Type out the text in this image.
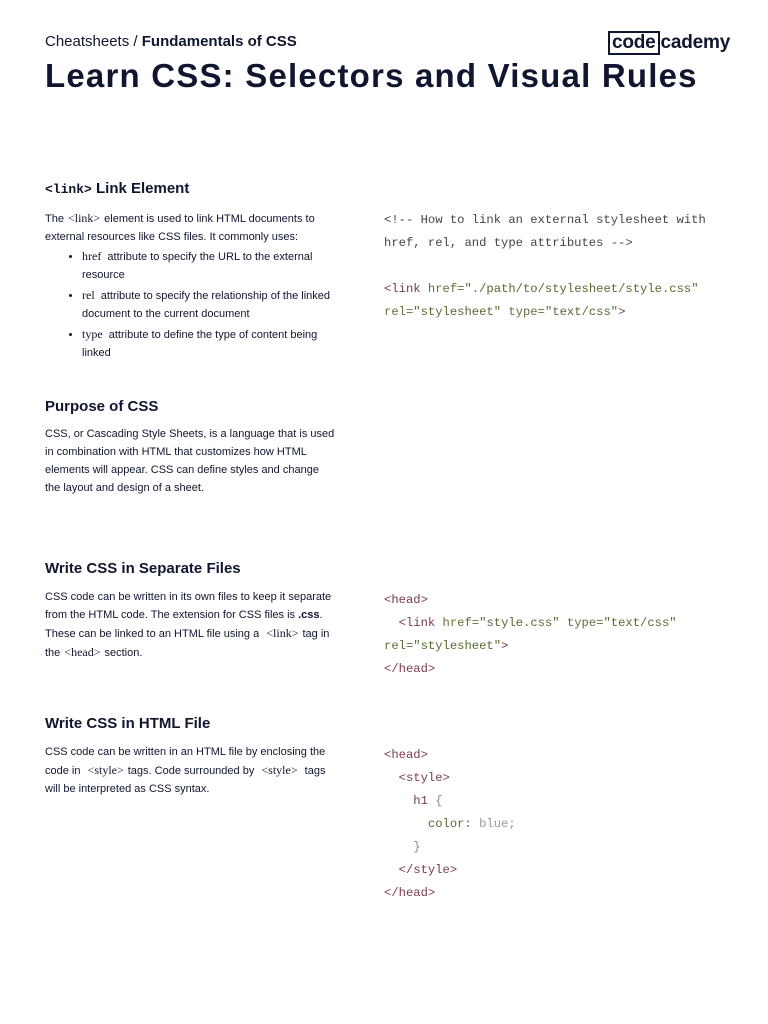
Cheatsheets / Fundamentals of CSS	code cademy
Learn CSS: Selectors and Visual Rules
<link> Link Element
The <link> element is used to link HTML documents to external resources like CSS files. It commonly uses:
• href attribute to specify the URL to the external resource
• rel attribute to specify the relationship of the linked document to the current document
• type attribute to define the type of content being linked
<!-- How to link an external stylesheet with
href, rel, and type attributes -->

<link href="./path/to/stylesheet/style.css"
rel="stylesheet" type="text/css">
Purpose of CSS

CSS, or Cascading Style Sheets, is a language that is used in combination with HTML that customizes how HTML elements will appear. CSS can define styles and change the layout and design of a sheet.

Write CSS in Separate Files
CSS code can be written in its own files to keep it separate from the HTML code. The extension for CSS files is .css. These can be linked to an HTML file using a <link> tag in the <head> section.
<head>
<link href="style.css" type="text/css"
rel="stylesheet">
</head>
Write CSS in HTML File
CSS code can be written in an HTML file by enclosing the code in <style> tags. Code surrounded by <style> tags will be interpreted as CSS syntax.
<head>
<style>
h1 {
color: blue;
}
</style>
</head>
